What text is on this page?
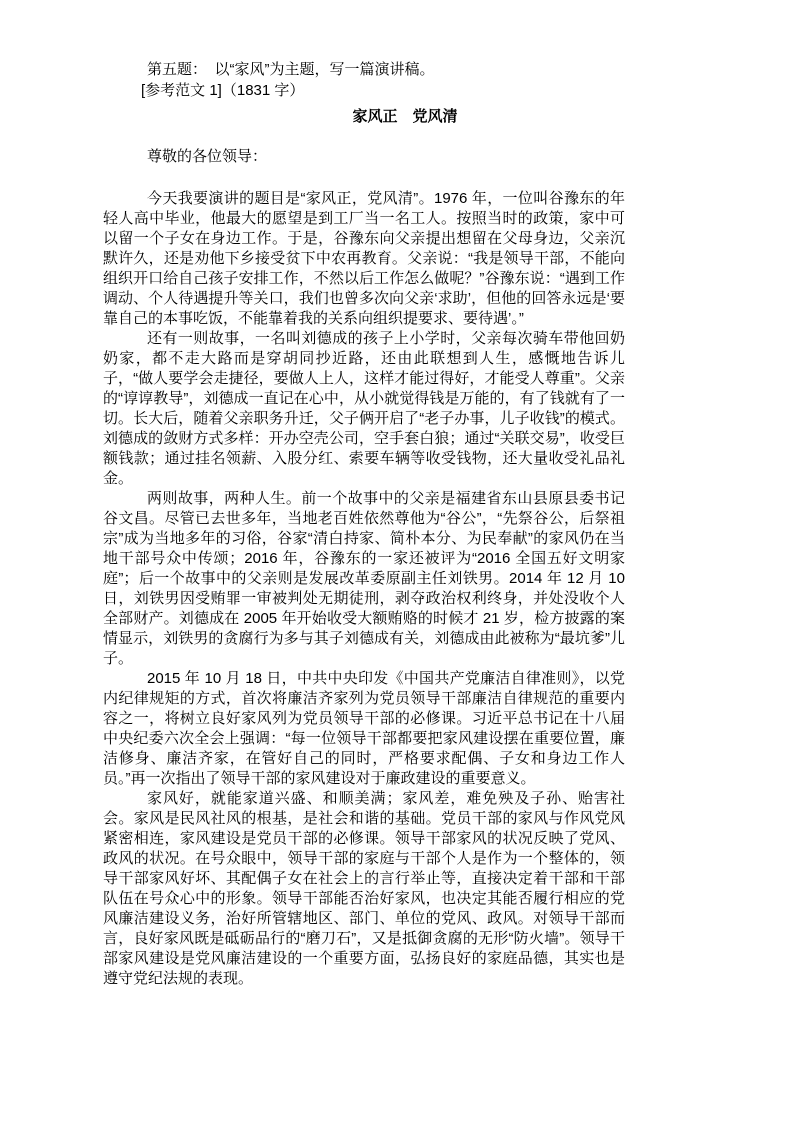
第五题：　以“家风”为主题，写一篇演讲稿。

[参考范文 1]（1831 字）

家风正　党风清

尊敬的各位领导：

今天我要演讲的题目是“家风正，党风清”。1976 年，一位叫谷豫东的年轻人高中毕业，他最大的愿望是到工厂当一名工人。按照当时的政策，家中可以留一个子女在身边工作。于是，谷豫东向父亲提出想留在父母身边，父亲沉默许久，还是劝他下乡接受贫下中农再教育。父亲说：“我是领导干部，不能向组织开口给自己孩子安排工作，不然以后工作怎么做呢？”谷豫东说：“遇到工作调动、个人待遇提升等关口，我们也曾多次向父亲‘求助’，但他的回答永远是‘要靠自己的本事吃饭，不能靠着我的关系向组织提要求、要待遇’。”

还有一则故事，一名叫刘德成的孩子上小学时，父亲每次骑车带他回奶奶家，都不走大路而是穿胡同抄近路，还由此联想到人生，感慨地告诉儿子，“做人要学会走捷径，要做人上人，这样才能过得好，才能受人尊重”。父亲的“谆谆教导”，刘德成一直记在心中，从小就觉得钱是万能的，有了钱就有了一切。长大后，随着父亲职务升迁，父子俩开启了“老子办事，儿子收钱”的模式。刘德成的敛财方式多样：开办空壳公司，空手套白狼；通过“关联交易”，收受巨额钱款；通过挂名领薪、入股分红、索要车辆等收受钱物，还大量收受礼品礼金。

两则故事，两种人生。前一个故事中的父亲是福建省东山县原县委书记谷文昌。尽管已去世多年，当地老百姓依然尊他为“谷公”，“先祭谷公，后祭祖宗”成为当地多年的习俗，谷家“清白持家、简朴本分、为民奉献”的家风仍在当地干部号众中传颂；2016 年，谷豫东的一家还被评为“2016 全国五好文明家庭”；后一个故事中的父亲则是发展改革委原副主任刘铁男。2014 年 12 月 10 日，刘铁男因受贿罪一审被判处无期徒刑，剥夺政治权利终身，并处没收个人全部财产。刘德成在 2005 年开始收受大额贿赂的时候才 21 岁，检方披露的案情显示，刘铁男的贪腐行为多与其子刘德成有关，刘德成由此被称为“最坑爹”儿子。

2015 年 10 月 18 日，中共中央印发《中国共产党廉洁自律准则》，以党内纪律规矩的方式，首次将廉洁齐家列为党员领导干部廉洁自律规范的重要内容之一，将树立良好家风列为党员领导干部的必修课。习近平总书记在十八届中央纪委六次全会上强调：“每一位领导干部都要把家风建设摆在重要位置，廉洁修身、廉洁齐家，在管好自己的同时，严格要求配偶、子女和身边工作人员。”再一次指出了领导干部的家风建设对于廉政建设的重要意义。

家风好，就能家道兴盛、和顺美满；家风差，难免殃及子孙、贻害社会。家风是民风社风的根基，是社会和谐的基础。党员干部的家风与作风党风紧密相连，家风建设是党员干部的必修课。领导干部家风的状况反映了党风、政风的状况。在号众眼中，领导干部的家庭与干部个人是作为一个整体的，领导干部家风好坏、其配偶子女在社会上的言行举止等，直接决定着干部和干部队伍在号众心中的形象。领导干部能否治好家风，也决定其能否履行相应的党风廉洁建设义务，治好所管辖地区、部门、单位的党风、政风。对领导干部而言，良好家风既是砥砺品行的“磨刀石”，又是抵御贪腐的无形“防火墙”。领导干部家风建设是党风廉洁建设的一个重要方面，弘扬良好的家庭品德，其实也是遵守党纪法规的表现。
